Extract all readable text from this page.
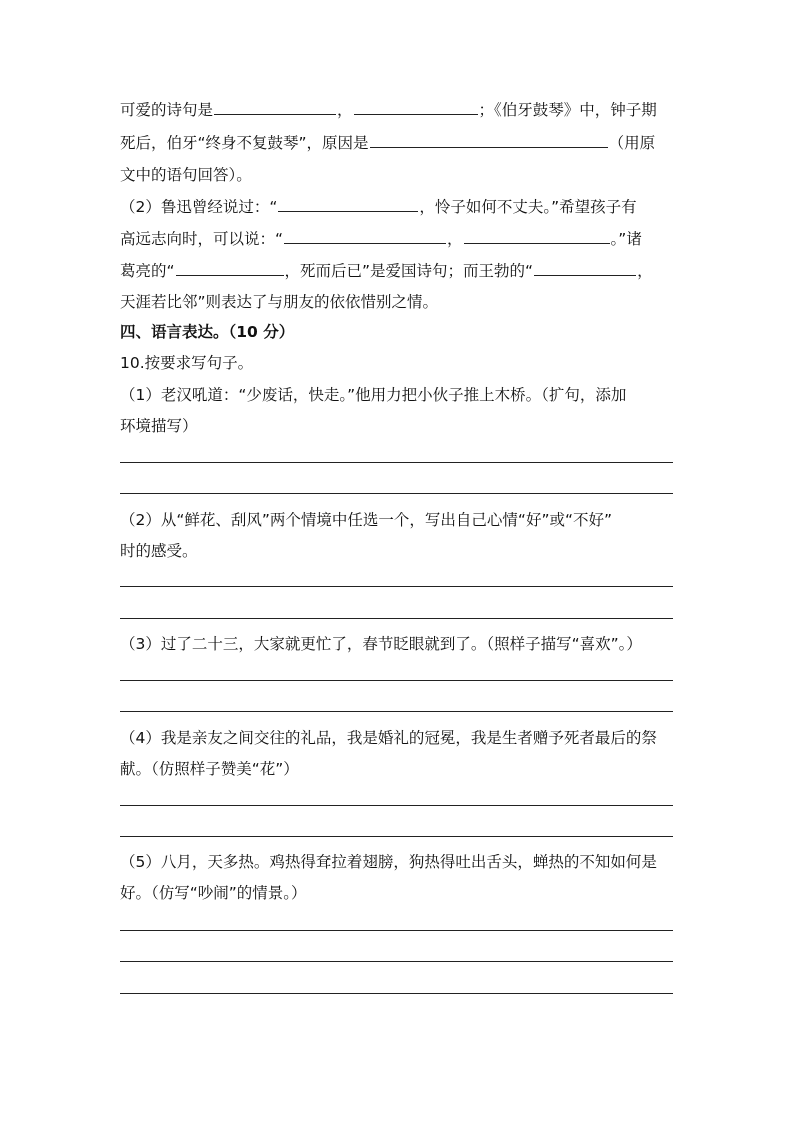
可爱的诗句是	，	；《伯牙鼓琴》中，钟子期
死后，伯牙“终身不复鼓琴”，原因是	（用原
文中的语句回答）。
（2）鲁迅曾经说过：“	，怜子如何不丈夫。”希望孩子有
高远志向时，可以说：“	，	。”诸
葛亮的“	，死而后已”是爱国诗句；而王勃的“	，
天涯若比邻”则表达了与朋友的依依惜别之情。
四、语言表达。（10 分）
10.按要求写句子。
（1）老汉吼道：“少废话，快走。”他用力把小伙子推上木桥。（扩句，添加
环境描写）
（2）从“鲜花、刮风”两个情境中任选一个，写出自己心情“好”或“不好”
时的感受。
（3）过了二十三，大家就更忙了，春节眨眼就到了。（照样子描写“喜欢”。）
（4）我是亲友之间交往的礼品，我是婚礼的冠冕，我是生者赠予死者最后的祭
献。（仿照样子赞美“花”）
（5）八月，天多热。鸡热得耷拉着翅膀，狗热得吐出舌头，蝉热的不知如何是
好。（仿写“吵闹”的情景。）
